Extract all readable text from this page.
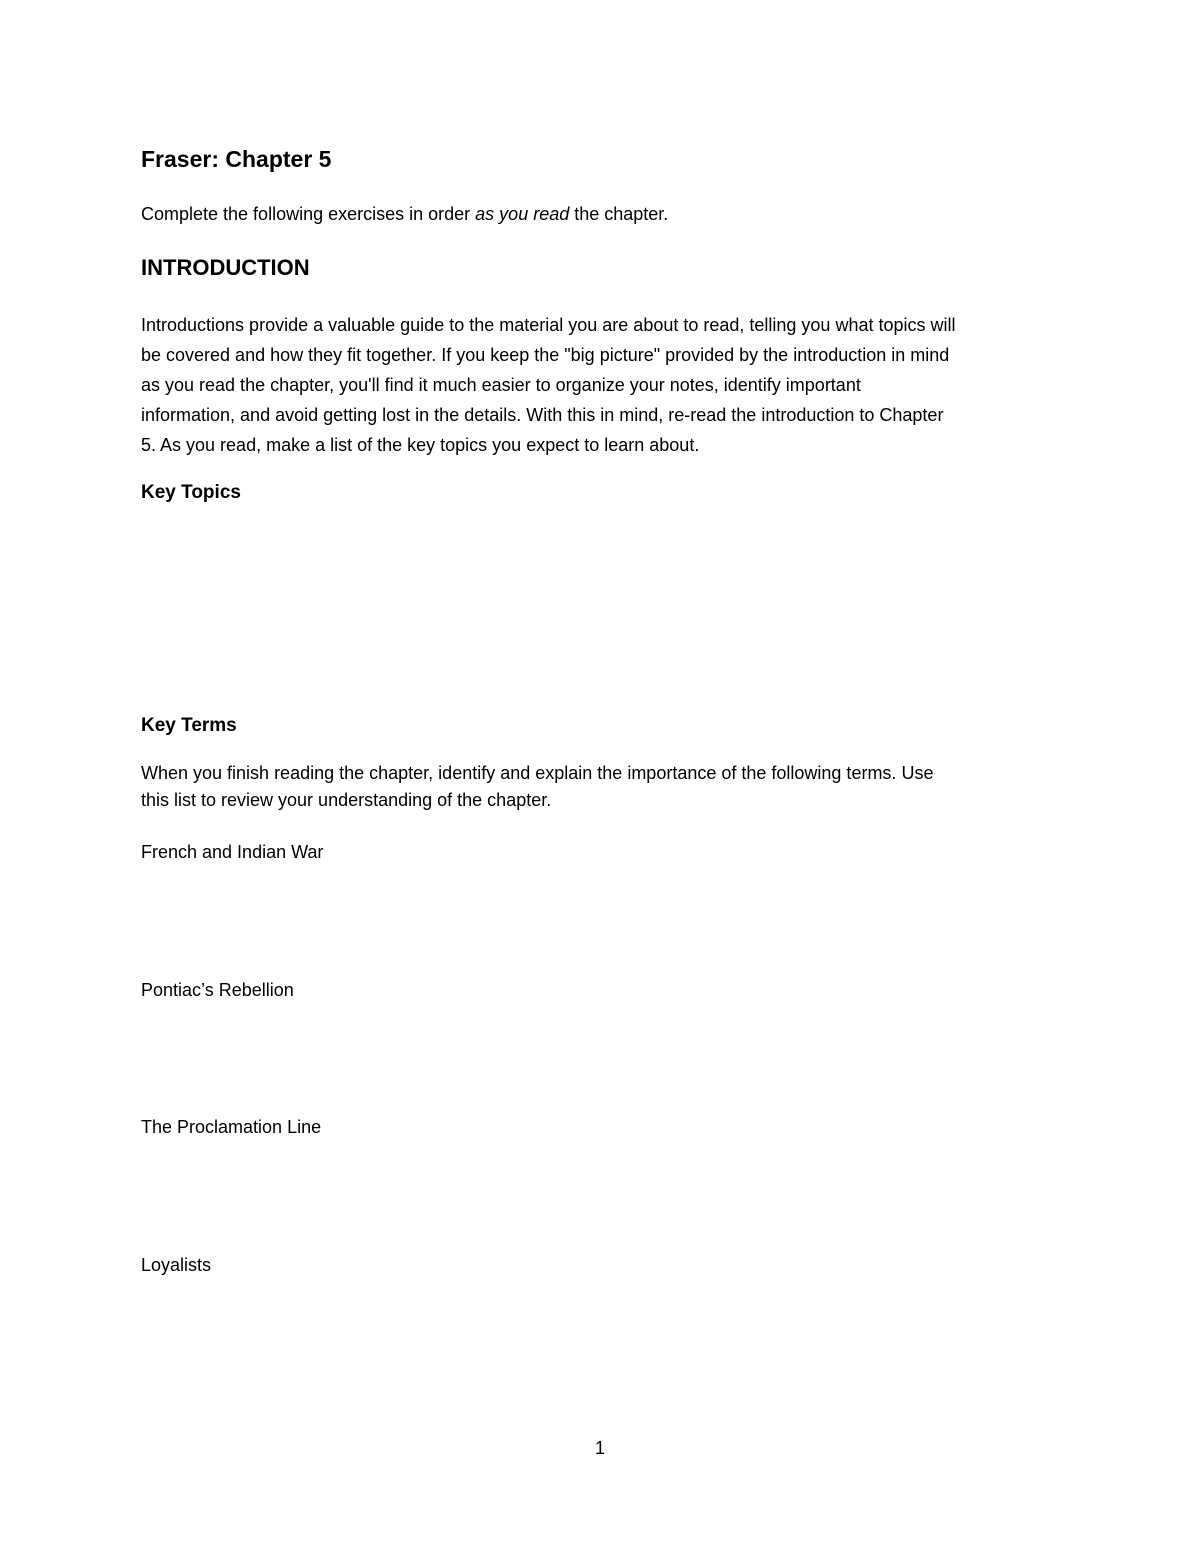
Fraser: Chapter 5

Complete the following exercises in order as you read the chapter.

INTRODUCTION

Introductions provide a valuable guide to the material you are about to read, telling you what topics will
be covered and how they fit together. If you keep the "big picture" provided by the introduction in mind
as you read the chapter, you'll find it much easier to organize your notes, identify important
information, and avoid getting lost in the details. With this in mind, re-read the introduction to Chapter
5. As you read, make a list of the key topics you expect to learn about.

Key Topics
Key Terms

When you finish reading the chapter, identify and explain the importance of the following terms. Use
this list to review your understanding of the chapter.

French and Indian War

Pontiac’s Rebellion

The Proclamation Line

Loyalists

1
